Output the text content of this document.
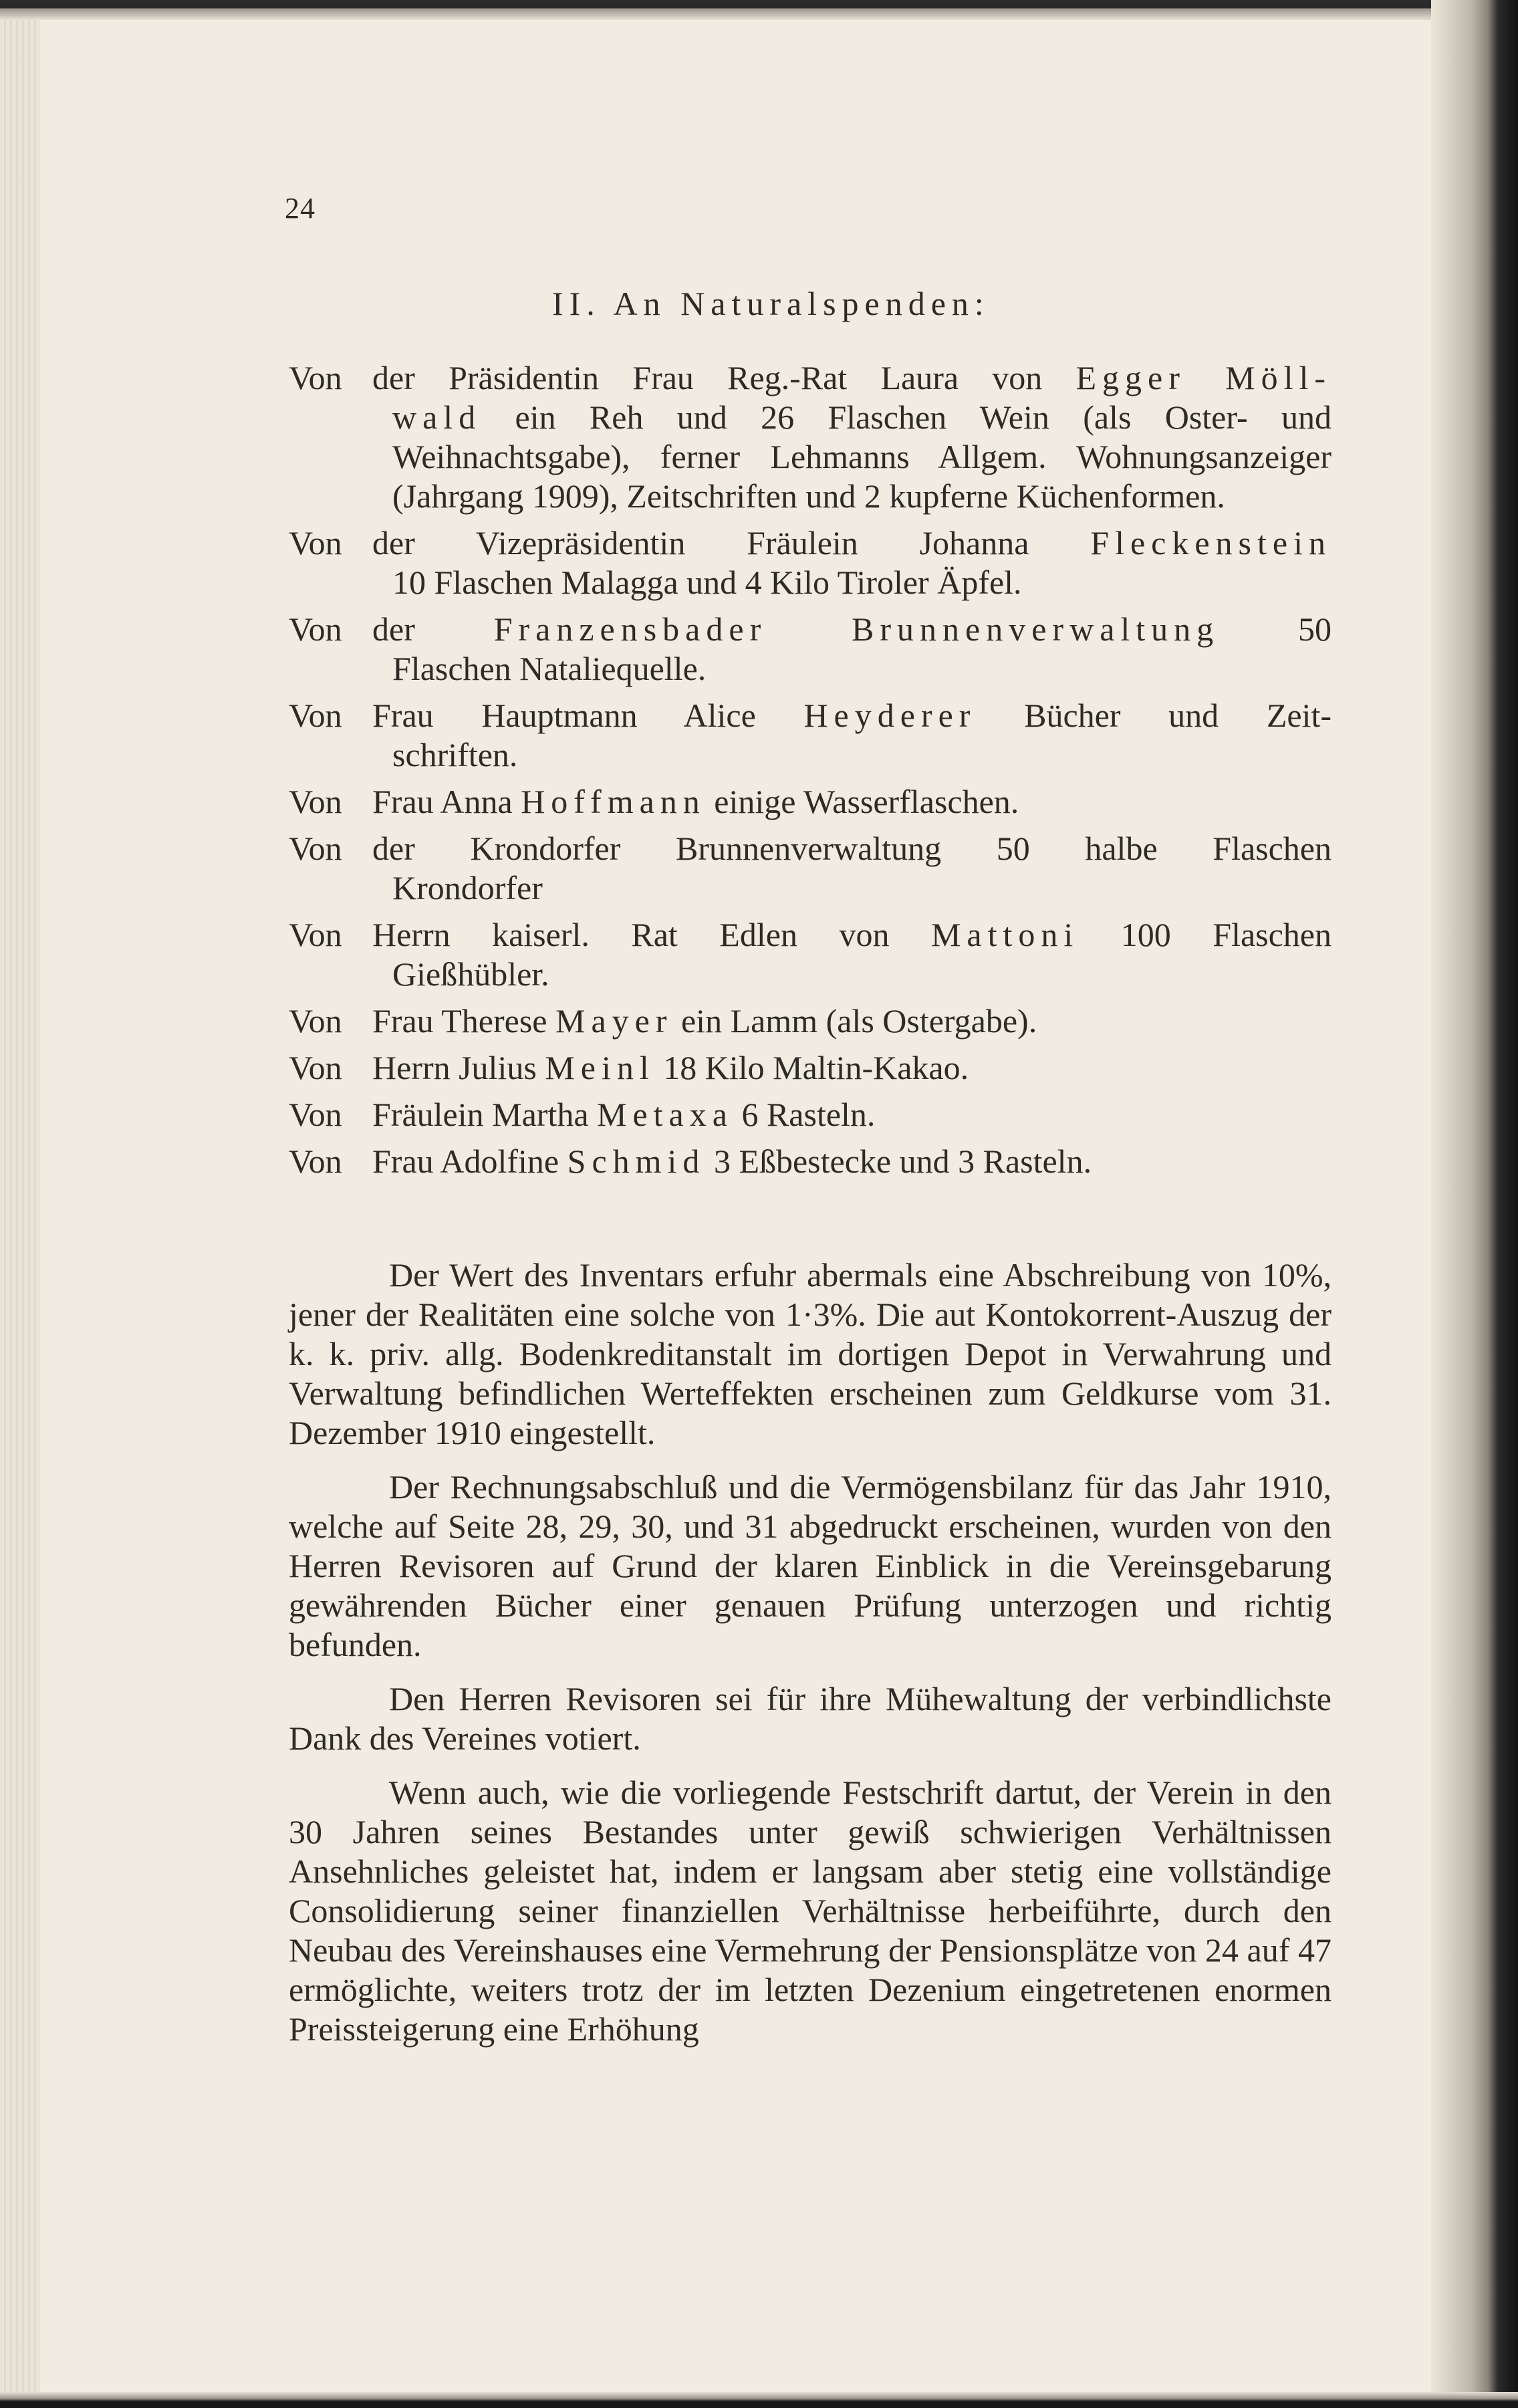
24

II. An Naturalspenden:
Von der Präsidentin Frau Reg.-Rat Laura von Egger Möll-
wald ein Reh und 26 Flaschen Wein (als Oster- und Weihnachtsgabe), ferner Lehmanns Allgem. Wohnungsanzeiger (Jahrgang 1909), Zeitschriften und 2 kupferne Küchenformen.
Von der Vizepräsidentin Fräulein Johanna Fleckenstein
10 Flaschen Malagga und 4 Kilo Tiroler Äpfel.
Von der Franzensbader Brunnenverwaltung 50
Flaschen Nataliequelle.
Von Frau Hauptmann Alice Heyderer Bücher und Zeit-
schriften.
Von Frau Anna Hoffmann einige Wasserflaschen.
Von der Krondorfer Brunnenverwaltung 50 halbe Flaschen
Krondorfer
Von Herrn kaiserl. Rat Edlen von Mattoni 100 Flaschen
Gießhübler.
Von Frau Therese Mayer ein Lamm (als Ostergabe).
Von Herrn Julius Meinl 18 Kilo Maltin-Kakao.
Von Fräulein Martha Metaxa 6 Rasteln.
Von Frau Adolfine Schmid 3 Eßbestecke und 3 Rasteln.

Der Wert des Inventars erfuhr abermals eine Abschreibung von 10%, jener der Realitäten eine solche von 1·3%. Die aut Kontokorrent-Auszug der k. k. priv. allg. Bodenkreditanstalt im dortigen Depot in Verwahrung und Verwaltung befindlichen Werteffekten erscheinen zum Geldkurse vom 31. Dezember 1910 eingestellt.

Der Rechnungsabschluß und die Vermögensbilanz für das Jahr 1910, welche auf Seite 28, 29, 30, und 31 abgedruckt erscheinen, wurden von den Herren Revisoren auf Grund der klaren Einblick in die Vereinsgebarung gewährenden Bücher einer genauen Prüfung unterzogen und richtig befunden.

Den Herren Revisoren sei für ihre Mühewaltung der verbindlichste Dank des Vereines votiert.

Wenn auch, wie die vorliegende Festschrift dartut, der Verein in den 30 Jahren seines Bestandes unter gewiß schwierigen Verhältnissen Ansehnliches geleistet hat, indem er langsam aber stetig eine vollständige Consolidierung seiner finanziellen Verhältnisse herbeiführte, durch den Neubau des Vereinshauses eine Vermehrung der Pensionsplätze von 24 auf 47 ermöglichte, weiters trotz der im letzten Dezenium eingetretenen enormen Preissteigerung eine Erhöhung
